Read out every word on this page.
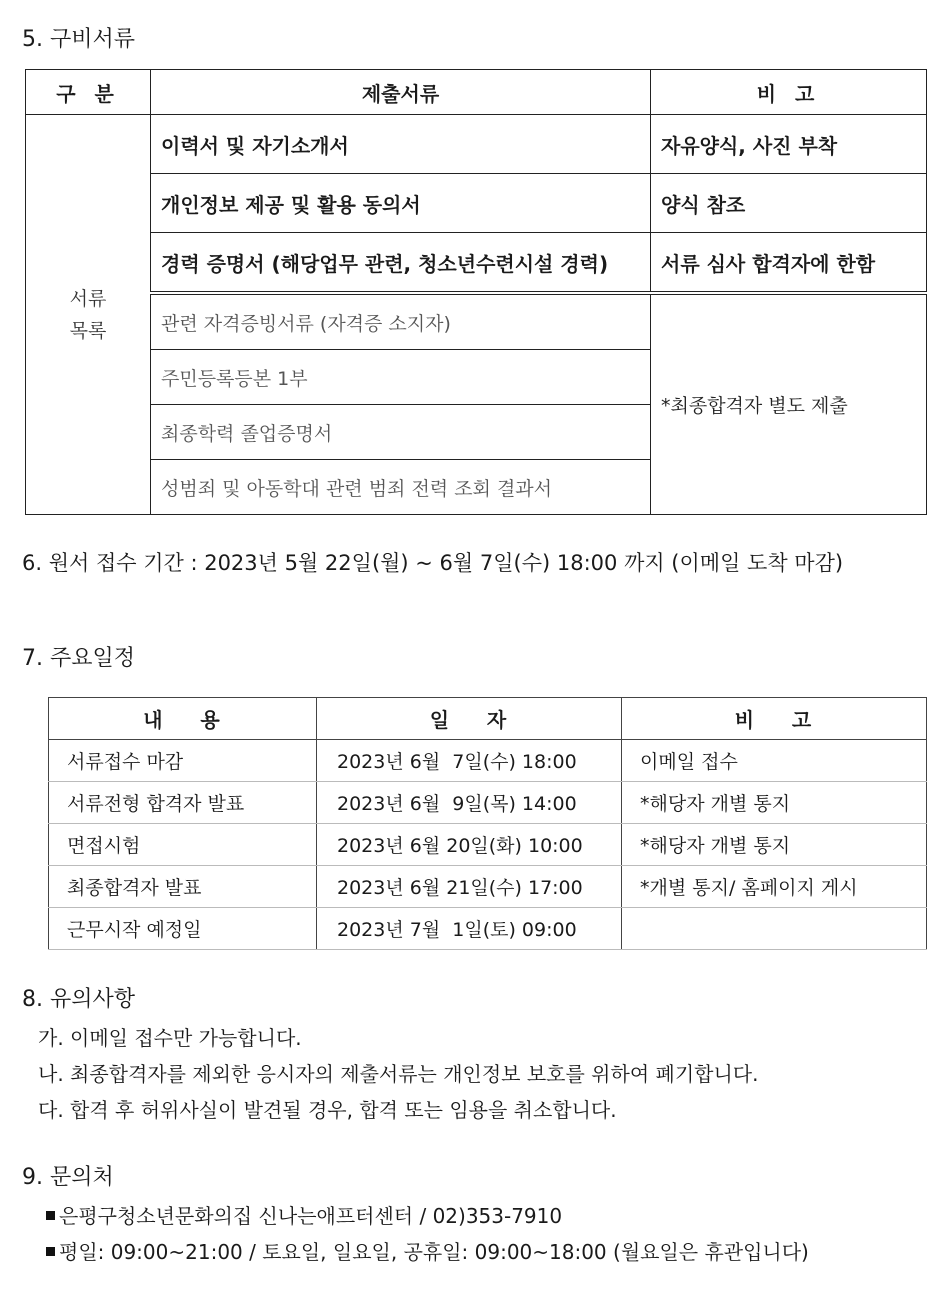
5. 구비서류
구 분	제출서류	비 고
서류
목록	이력서 및 자기소개서	자유양식, 사진 부착
	개인정보 제공 및 활용 동의서	양식 참조
	경력 증명서 (해당업무 관련, 청소년수련시설 경력)	서류 심사 합격자에 한함
	관련 자격증빙서류 (자격증 소지자)	*최종합격자 별도 제출
	주민등록등본 1부	
	최종학력 졸업증명서	
	성범죄 및 아동학대 관련 범죄 전력 조회 결과서	
6. 원서 접수 기간 : 2023년 5월 22일(월) ~ 6월 7일(수) 18:00 까지 (이메일 도착 마감)
7. 주요일정
내    용	일    자	비    고
서류접수 마감	2023년 6월  7일(수) 18:00	이메일 접수
서류전형 합격자 발표	2023년 6월  9일(목) 14:00	*해당자 개별 통지
면접시험	2023년 6월 20일(화) 10:00	*해당자 개별 통지
최종합격자 발표	2023년 6월 21일(수) 17:00	*개별 통지/ 홈페이지 게시
근무시작 예정일	2023년 7월  1일(토) 09:00	
8. 유의사항
가. 이메일 접수만 가능합니다.
나. 최종합격자를 제외한 응시자의 제출서류는 개인정보 보호를 위하여 폐기합니다.
다. 합격 후 허위사실이 발견될 경우, 합격 또는 임용을 취소합니다.
9. 문의처
은평구청소년문화의집 신나는애프터센터 / 02)353-7910
평일: 09:00~21:00 / 토요일, 일요일, 공휴일: 09:00~18:00 (월요일은 휴관입니다)
